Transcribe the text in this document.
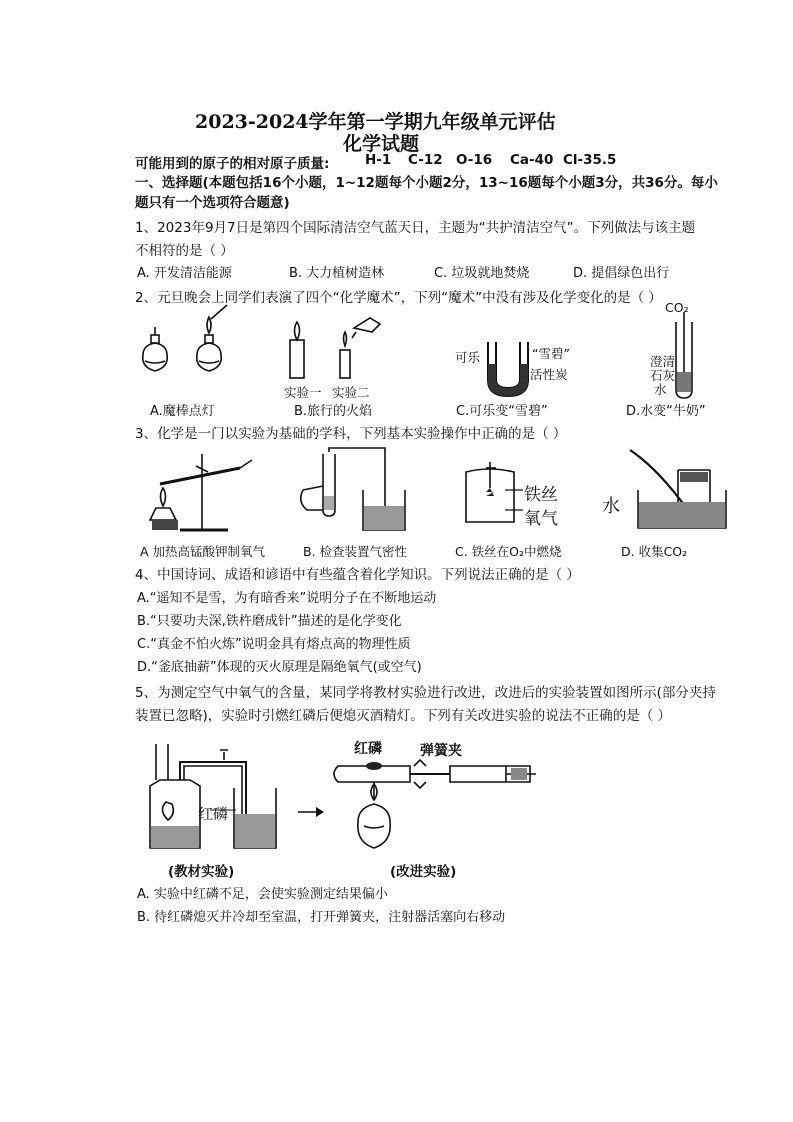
2023-2024学年第一学期九年级单元评估
化学试题
可能用到的原子的相对原子质量:	H-1 C-12 O-16 Ca-40 Cl-35.5
一、选择题(本题包括16个小题，1~12题每个小题2分，13~16题每个小题3分，共36分。每小
题只有一个选项符合题意)
1、2023年9月7日是第四个国际清洁空气蓝天日，主题为“共护清洁空气”。下列做法与该主题
不相符的是（ ）
A. 开发清洁能源	B. 大力植树造林	C. 垃圾就地焚烧	D. 提倡绿色出行
2、元旦晚会上同学们表演了四个“化学魔术”，下列“魔术”中没有涉及化学变化的是（ ）
实验一 实验二
可乐	“雪碧”
活性炭
CO₂
澄清
石灰
水
A.魔棒点灯	B.旅行的火焰	C.可乐变“雪碧”	D.水变“牛奶”
3、化学是一门以实验为基础的学科，下列基本实验操作中正确的是（ ）
铁丝
氧气
水
A 加热高锰酸钾制氧气	B. 检查装置气密性	C. 铁丝在O₂中燃烧	D. 收集CO₂
4、中国诗词、成语和谚语中有些蕴含着化学知识。下列说法正确的是（ ）
A.“遥知不是雪，为有暗香来”说明分子在不断地运动
B.“只要功夫深,铁杵磨成针”描述的是化学变化
C.“真金不怕火炼”说明金具有熔点高的物理性质
D.“釜底抽薪”体现的灭火原理是隔绝氧气(或空气)
5、为测定空气中氧气的含量，某同学将教材实验进行改进，改进后的实验装置如图所示(部分夹持
装置已忽略)，实验时引燃红磷后便熄灭酒精灯。下列有关改进实验的说法不正确的是（ ）
红磷
红磷	弹簧夹
(教材实验)	(改进实验)
A. 实验中红磷不足，会使实验测定结果偏小
B. 待红磷熄灭并冷却至室温，打开弹簧夹，注射器活塞向右移动
